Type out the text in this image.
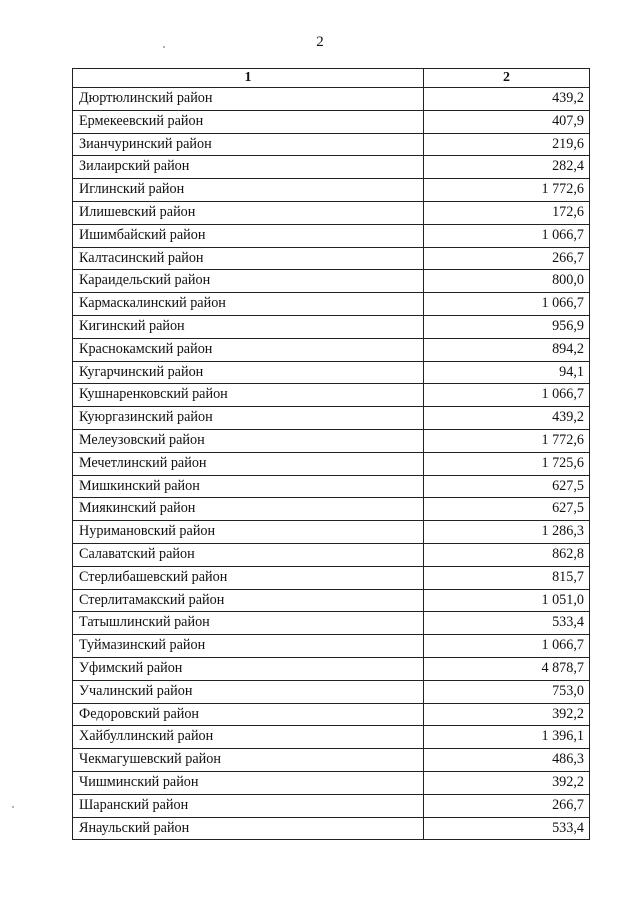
2
1	2
Дюртюлинский район	439,2
Ермекеевский район	407,9
Зианчуринский район	219,6
Зилаирский район	282,4
Иглинский район	1 772,6
Илишевский район	172,6
Ишимбайский район	1 066,7
Калтасинский район	266,7
Караидельский район	800,0
Кармаскалинский район	1 066,7
Кигинский район	956,9
Краснокамский район	894,2
Кугарчинский район	94,1
Кушнаренковский район	1 066,7
Куюргазинский район	439,2
Мелеузовский район	1 772,6
Мечетлинский район	1 725,6
Мишкинский район	627,5
Миякинский район	627,5
Нуримановский район	1 286,3
Салаватский район	862,8
Стерлибашевский район	815,7
Стерлитамакский район	1 051,0
Татышлинский район	533,4
Туймазинский район	1 066,7
Уфимский район	4 878,7
Учалинский район	753,0
Федоровский район	392,2
Хайбуллинский район	1 396,1
Чекмагушевский район	486,3
Чишминский район	392,2
Шаранский район	266,7
Янаульский район	533,4
